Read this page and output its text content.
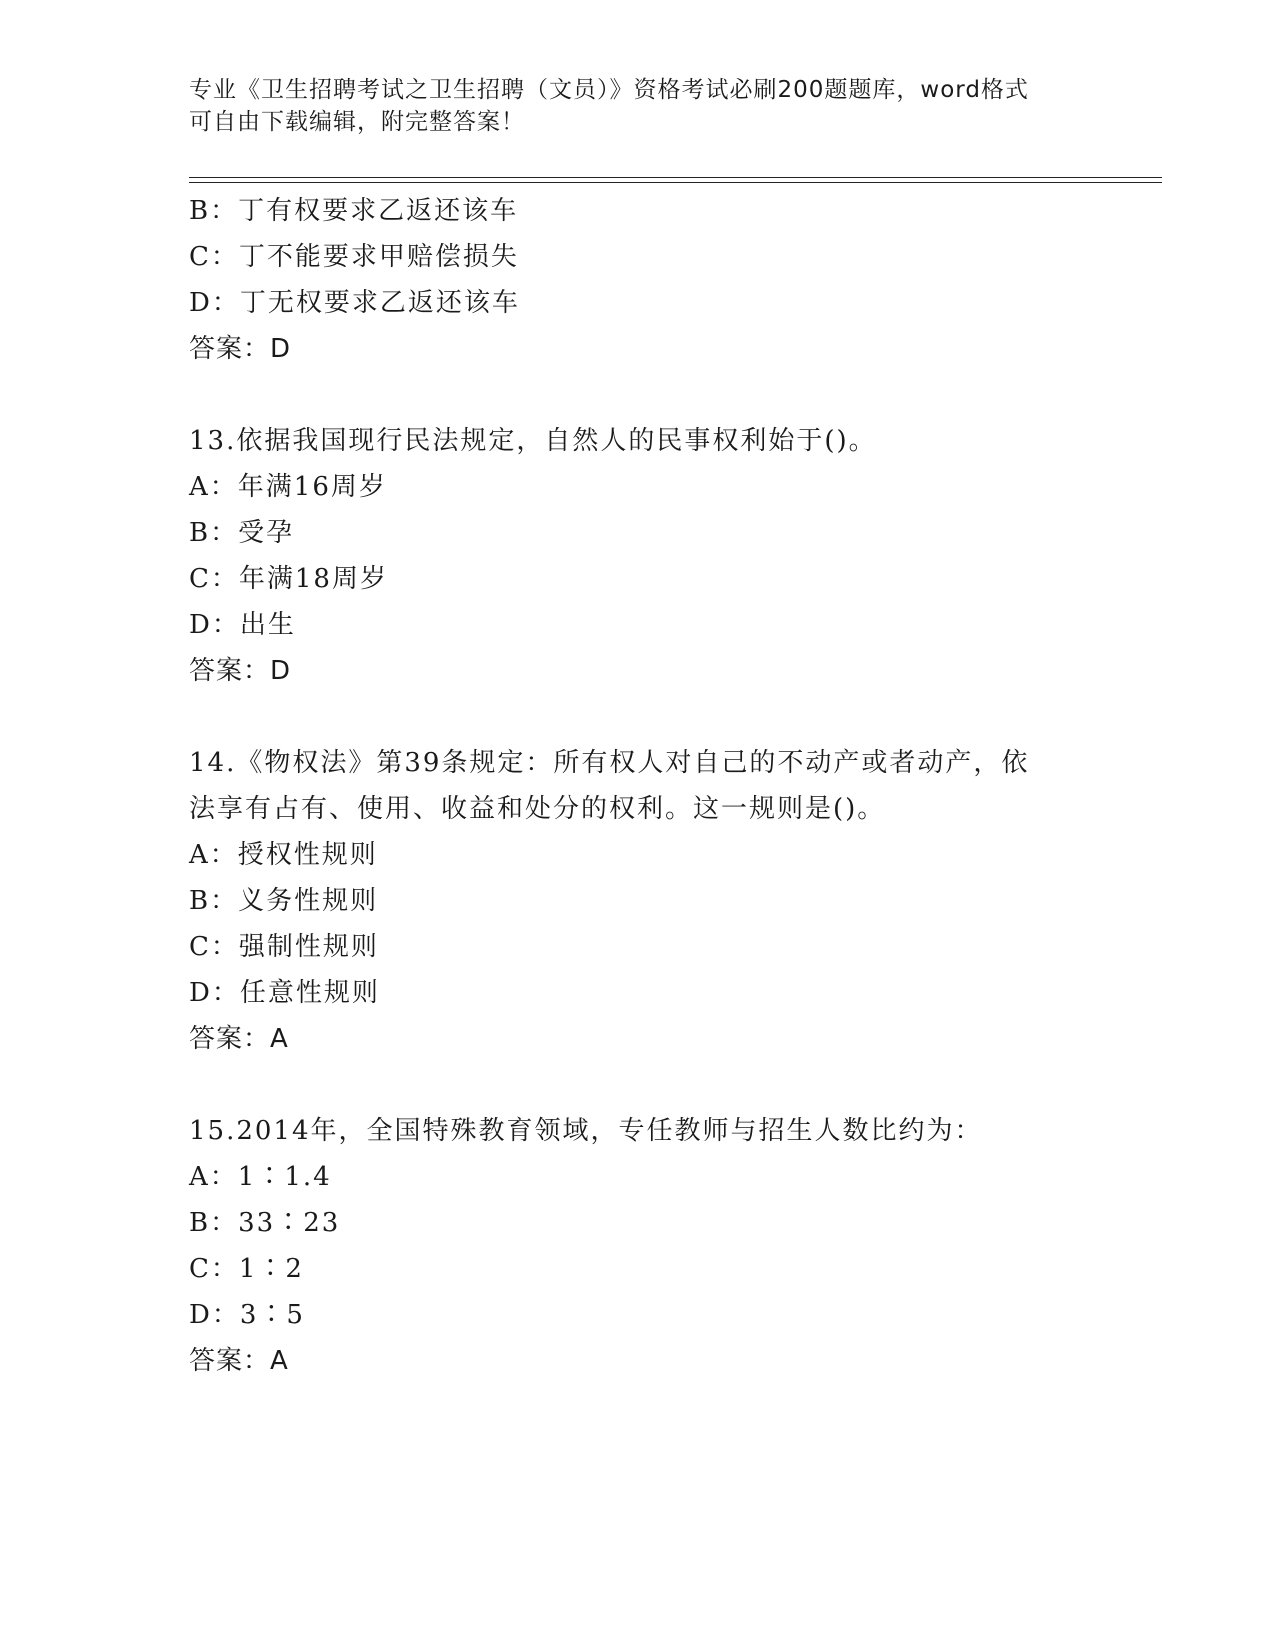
专业《卫生招聘考试之卫生招聘（文员）》资格考试必刷200题题库，word格式
可自由下载编辑，附完整答案！
B：丁有权要求乙返还该车
C：丁不能要求甲赔偿损失
D：丁无权要求乙返还该车
答案：D
13.依据我国现行民法规定，自然人的民事权利始于()。
A：年满16周岁
B：受孕
C：年满18周岁
D：出生
答案：D
14.《物权法》第39条规定：所有权人对自己的不动产或者动产，依
法享有占有、使用、收益和处分的权利。这一规则是()。
A：授权性规则
B：义务性规则
C：强制性规则
D：任意性规则
答案：A
15.2014年，全国特殊教育领域，专任教师与招生人数比约为：
A：1∶1.4
B：33∶23
C：1∶2
D：3∶5
答案：A
